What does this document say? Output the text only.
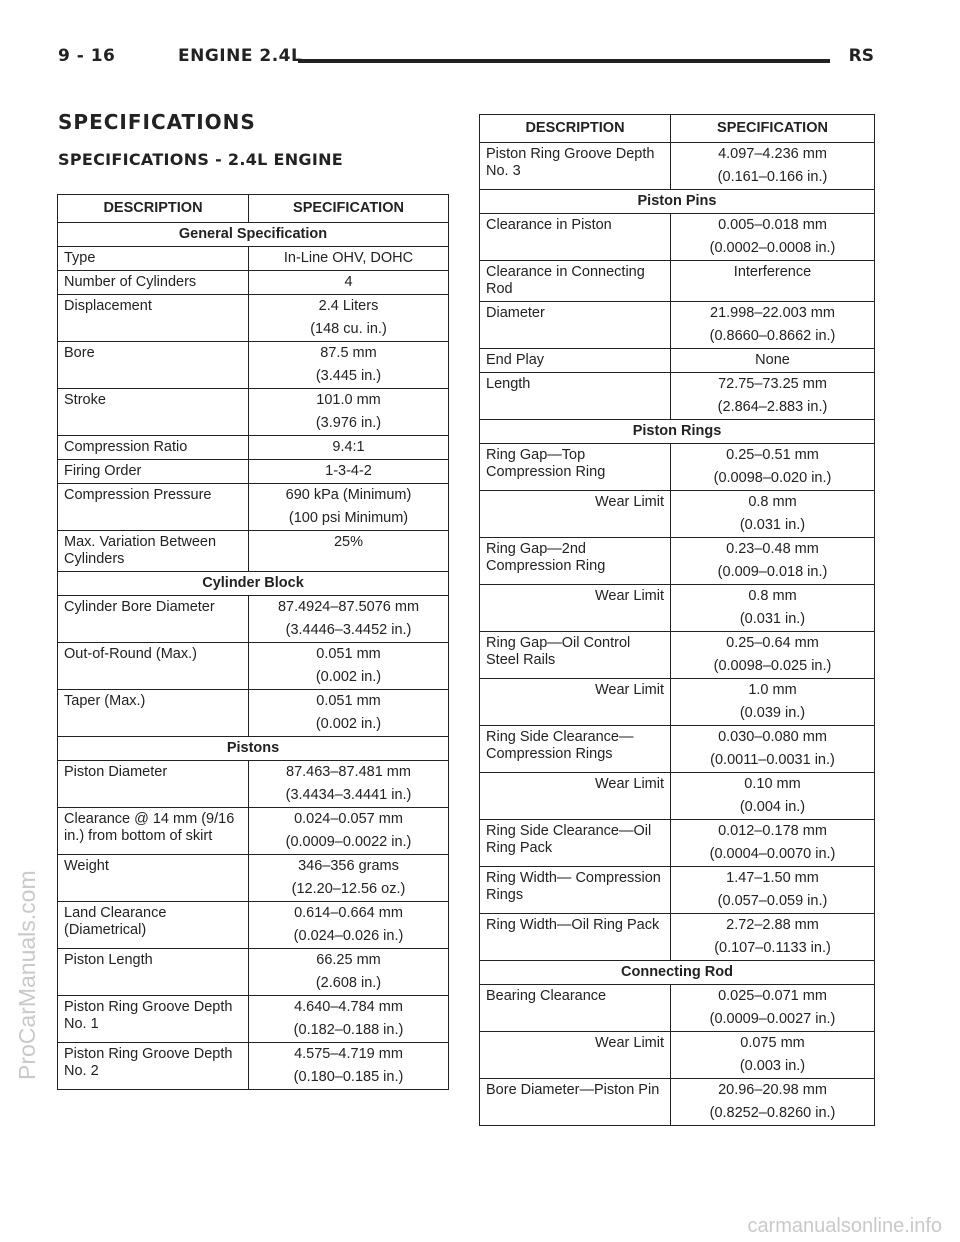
9 - 16	ENGINE 2.4L	RS
SPECIFICATIONS
SPECIFICATIONS - 2.4L ENGINE
DESCRIPTION	SPECIFICATION
General Specification	
Type	In-Line OHV, DOHC
Number of Cylinders	4
Displacement	2.4 Liters
(148 cu. in.)

Bore	87.5 mm
(3.445 in.)

Stroke	101.0 mm
(3.976 in.)

Compression Ratio	9.4:1
Firing Order	1-3-4-2
Compression Pressure	690 kPa (Minimum)
(100 psi Minimum)

Max. Variation Between Cylinders	25%
Cylinder Block	
Cylinder Bore Diameter	87.4924–87.5076 mm
(3.4446–3.4452 in.)

Out-of-Round (Max.)	0.051 mm
(0.002 in.)

Taper (Max.)	0.051 mm
(0.002 in.)

Pistons	
Piston Diameter	87.463–87.481 mm
(3.4434–3.4441 in.)

Clearance @ 14 mm (9/16 in.) from bottom of skirt	0.024–0.057 mm
(0.0009–0.0022 in.)

Weight	346–356 grams
(12.20–12.56 oz.)

Land Clearance (Diametrical)	0.614–0.664 mm
(0.024–0.026 in.)

Piston Length	66.25 mm
(2.608 in.)

Piston Ring Groove Depth No. 1	4.640–4.784 mm
(0.182–0.188 in.)

Piston Ring Groove Depth No. 2	4.575–4.719 mm
(0.180–0.185 in.)
DESCRIPTION	SPECIFICATION
Piston Ring Groove Depth No. 3	4.097–4.236 mm
(0.161–0.166 in.)

Piston Pins	
Clearance in Piston	0.005–0.018 mm
(0.0002–0.0008 in.)

Clearance in Connecting Rod	Interference
Diameter	21.998–22.003 mm
(0.8660–0.8662 in.)

End Play	None
Length	72.75–73.25 mm
(2.864–2.883 in.)

Piston Rings	
Ring Gap—Top Compression Ring	0.25–0.51 mm
(0.0098–0.020 in.)

Wear Limit	0.8 mm
(0.031 in.)

Ring Gap—2nd Compression Ring	0.23–0.48 mm
(0.009–0.018 in.)

Wear Limit	0.8 mm
(0.031 in.)

Ring Gap—Oil Control Steel Rails	0.25–0.64 mm
(0.0098–0.025 in.)

Wear Limit	1.0 mm
(0.039 in.)

Ring Side Clearance— Compression Rings	0.030–0.080 mm
(0.0011–0.0031 in.)

Wear Limit	0.10 mm
(0.004 in.)

Ring Side Clearance—Oil Ring Pack	0.012–0.178 mm
(0.0004–0.0070 in.)

Ring Width— Compression Rings	1.47–1.50 mm
(0.057–0.059 in.)

Ring Width—Oil Ring Pack	2.72–2.88 mm
(0.107–0.1133 in.)

Connecting Rod	
Bearing Clearance	0.025–0.071 mm
(0.0009–0.0027 in.)

Wear Limit	0.075 mm
(0.003 in.)

Bore Diameter—Piston Pin	20.96–20.98 mm
(0.8252–0.8260 in.)
ProCarManuals.com
carmanualsonline.info
